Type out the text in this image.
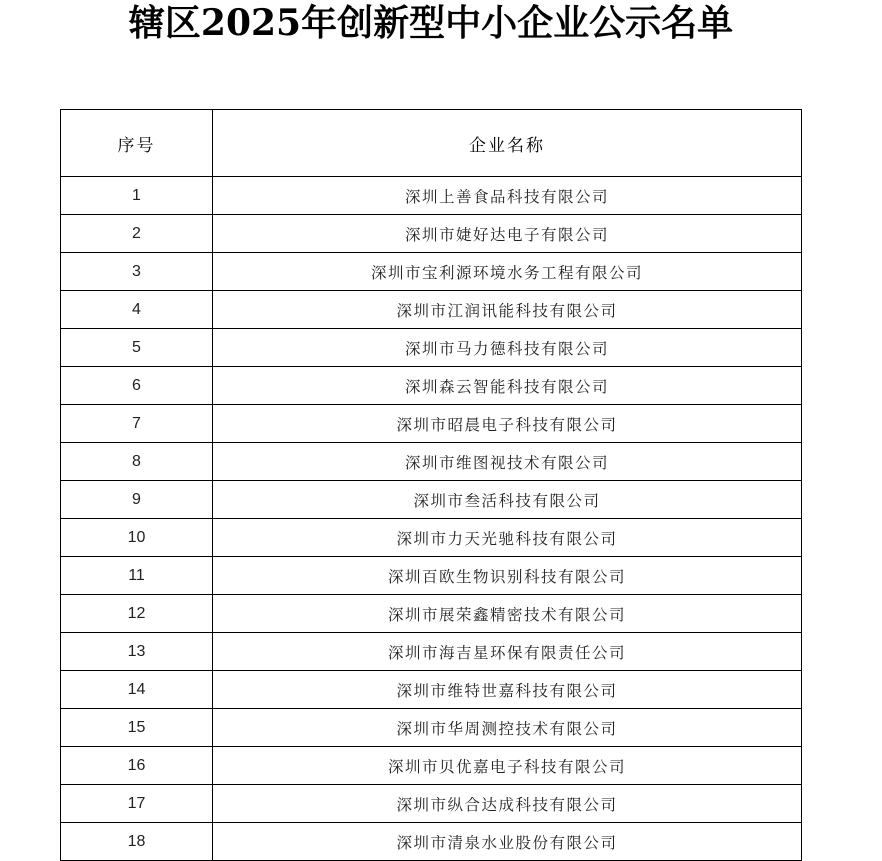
辖区2025年创新型中小企业公示名单
序号	企业名称
1	深圳上善食品科技有限公司
2	深圳市婕好达电子有限公司
3	深圳市宝利源环境水务工程有限公司
4	深圳市江润讯能科技有限公司
5	深圳市马力德科技有限公司
6	深圳森云智能科技有限公司
7	深圳市昭晨电子科技有限公司
8	深圳市维图视技术有限公司
9	深圳市叁活科技有限公司
10	深圳市力天光驰科技有限公司
11	深圳百欧生物识别科技有限公司
12	深圳市展荣鑫精密技术有限公司
13	深圳市海吉星环保有限责任公司
14	深圳市维特世嘉科技有限公司
15	深圳市华周测控技术有限公司
16	深圳市贝优嘉电子科技有限公司
17	深圳市纵合达成科技有限公司
18	深圳市清泉水业股份有限公司
